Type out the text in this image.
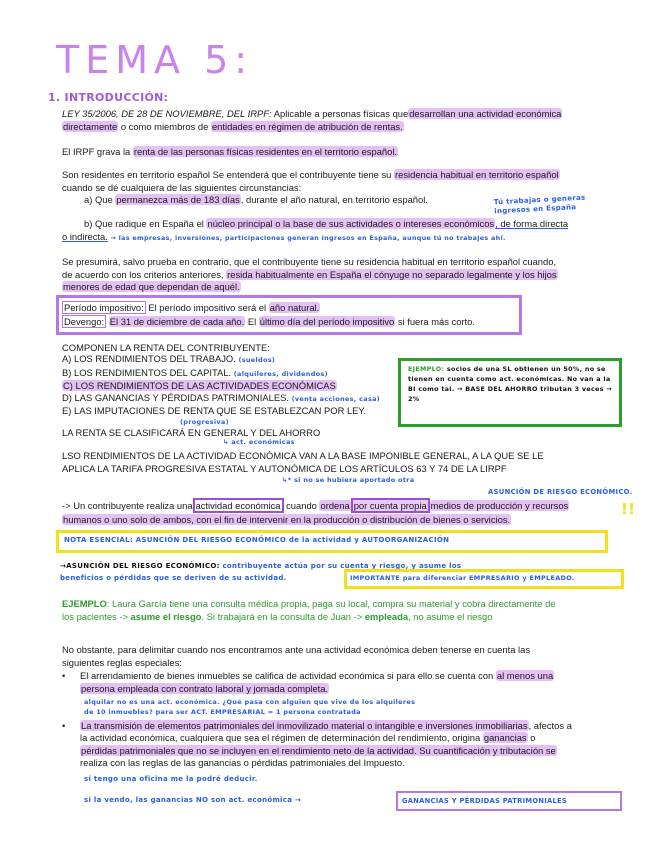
TEMA 5:
1. INTRODUCCIÓN:
LEY 35/2006, DE 28 DE NOVIEMBRE, DEL IRPF: Aplicable a personas físicas quedesarrollan una actividad económica
directamente o como miembros de entidades en régimen de atribución de rentas.
El IRPF grava la renta de las personas físicas residentes en el territorio español.
Son residentes en territorio español Se entenderá que el contribuyente tiene su residencia habitual en territorio español
cuando se dé cualquiera de las siguientes circunstancias:
a) Que permanezca más de 183 días, durante el año natural, en territorio español.	Tú trabajas o generas ingresos en España
b) Que radique en España el núcleo principal o la base de sus actividades o intereses económicos, de forma directa
o indirecta. → las empresas, inversiones, participaciones generan ingresos en España, aunque tú no trabajes ahí.
Se presumirá, salvo prueba en contrario, que el contribuyente tiene su residencia habitual en territorio español cuando,
de acuerdo con los criterios anteriores, resida habitualmente en España el cónyuge no separado legalmente y los hijos
menores de edad que dependan de aquél.
Período impositivo: El período impositivo será el año natural.
Devengo: El 31 de diciembre de cada año. El último día del período impositivo si fuera más corto.
COMPONEN LA RENTA DEL CONTRIBUYENTE:
A) LOS RENDIMIENTOS DEL TRABAJO. (sueldos)
B) LOS RENDIMIENTOS DEL CAPITAL. (alquileres, dividendos)
C) LOS RENDIMIENTOS DE LAS ACTIVIDADES ECONÓMICAS
D) LAS GANANCIAS Y PÉRDIDAS PATRIMONIALES. (venta acciones, casa)
E) LAS IMPUTACIONES DE RENTA QUE SE ESTABLEZCAN POR LEY.
EJEMPLO: socios de una SL obtienen un 50%, no se tienen en cuenta como act. económicas. No van a la BI como tal. → BASE DEL AHORRO tributan 3 veces → 2%
(progresiva)
LA RENTA SE CLASIFICARÁ EN GENERAL Y DEL AHORRO
↳ act. económicas
LSO RENDIMIENTOS DE LA ACTIVIDAD ECONÓMICA VAN A LA BASE IMPONIBLE GENERAL, A LA QUE SE LE
APLICA LA TARIFA PROGRESIVA ESTATAL Y AUTONÓMICA DE LOS ARTÍCULOS 63 Y 74 DE LA LIRPF
↳* si no se hubiera aportado otra
ASUNCIÓN DE RIESGO ECONÓMICO.
-> Un contribuyente realiza una actividad económica cuando ordena por cuenta propia medios de producción y recursos
humanos o uno solo de ambos, con el fin de intervenir en la producción o distribución de bienes o servicios.
!!
NOTA ESENCIAL: ASUNCIÓN DEL RIESGO ECONÓMICO de la actividad y AUTOORGANIZACIÓN
→ASUNCIÓN DEL RIESGO ECONÓMICO: contribuyente actúa por su cuenta y riesgo, y asume los
beneficios o pérdidas que se deriven de su actividad.	IMPORTANTE para diferenciar EMPRESARIO y EMPLEADO.
EJEMPLO: Laura García tiene una consulta médica propia, paga su local, compra su material y cobra directamente de
los pacientes -> asume el riesgo. Si trabajará en la consulta de Juan -> empleada, no asume el riesgo
No obstante, para delimitar cuando nos encontramos ante una actividad económica deben tenerse en cuenta las
siguientes reglas especiales:
• El arrendamiento de bienes inmuebles se califica de actividad económica si para ello se cuenta con al menos una
persona empleada con contrato laboral y jornada completa.
alquilar no es una act. económica. ¿Qué pasa con alguien que vive de los alquileres
de 10 inmuebles? para ser ACT. EMPRESARIAL = 1 persona contratada
• La transmisión de elementos patrimoniales del inmovilizado material o intangible e inversiones inmobiliarias, afectos a
la actividad económica, cualquiera que sea el régimen de determinación del rendimiento, origina ganancias o
pérdidas patrimoniales que no se incluyen en el rendimiento neto de la actividad. Su cuantificación y tributación se
realiza con las reglas de las ganancias o pérdidas patrimoniales del Impuesto.
si tengo una oficina me la podré deducir.
si la vendo, las ganancias NO son act. económica →	GANANCIAS Y PÉRDIDAS PATRIMONIALES
